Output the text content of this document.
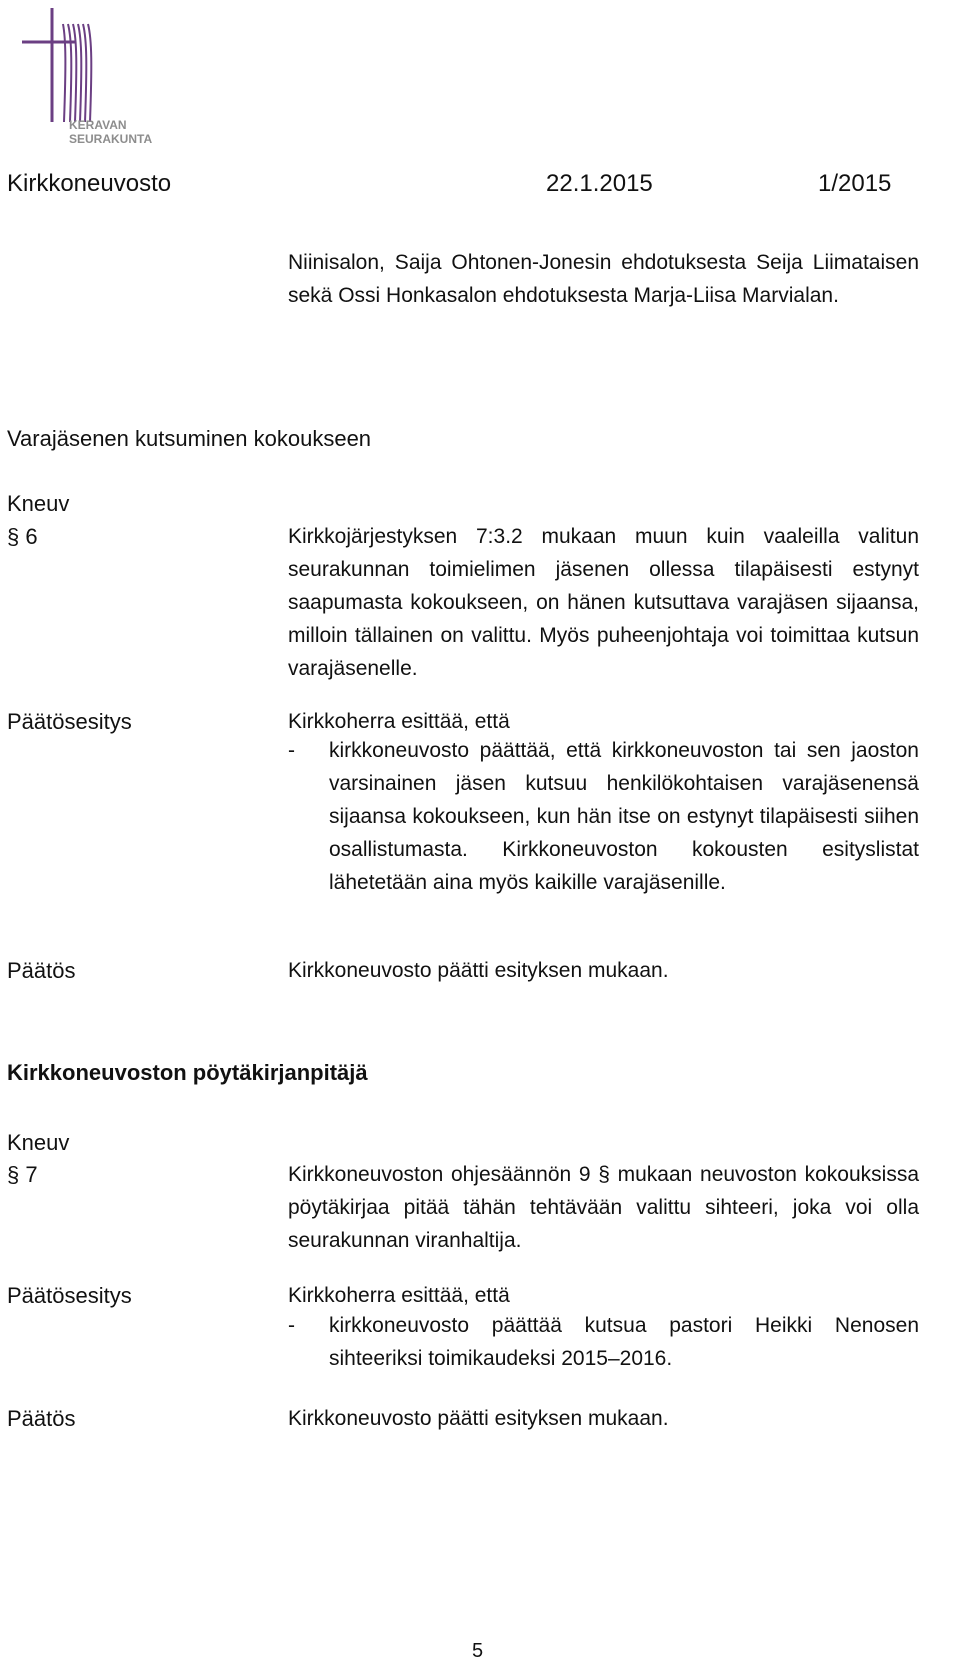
KERAVAN
SEURAKUNTA
Kirkkoneuvosto	22.1.2015	1/2015
Niinisalon, Saija Ohtonen-Jonesin ehdotuksesta Seija Liimataisen sekä Ossi Honkasalon ehdotuksesta Marja-Liisa Marvialan.
Varajäsenen kutsuminen kokoukseen
Kneuv
§ 6	Kirkkojärjestyksen 7:3.2 mukaan muun kuin vaaleilla valitun seurakunnan toimielimen jäsenen ollessa tilapäisesti estynyt saapumasta kokoukseen, on hänen kutsuttava varajäsen sijaansa, milloin tällainen on valittu. Myös puheenjohtaja voi toimittaa kutsun varajäsenelle.
Päätösesitys	Kirkkoherra esittää, että
-	kirkkoneuvosto päättää, että kirkkoneuvoston tai sen jaoston varsinainen jäsen kutsuu henkilökohtaisen varajäsenensä sijaansa kokoukseen, kun hän itse on estynyt tilapäisesti siihen osallistumasta. Kirkkoneuvoston kokousten esityslistat lähetetään aina myös kaikille varajäsenille.
Päätös	Kirkkoneuvosto päätti esityksen mukaan.
Kirkkoneuvoston pöytäkirjanpitäjä
Kneuv
§ 7	Kirkkoneuvoston ohjesäännön 9 § mukaan neuvoston kokouksissa pöytäkirjaa pitää tähän tehtävään valittu sihteeri, joka voi olla seurakunnan viranhaltija.
Päätösesitys	Kirkkoherra esittää, että
-	kirkkoneuvosto päättää kutsua pastori Heikki Nenosen sihteeriksi toimikaudeksi 2015–2016.
Päätös	Kirkkoneuvosto päätti esityksen mukaan.
5
